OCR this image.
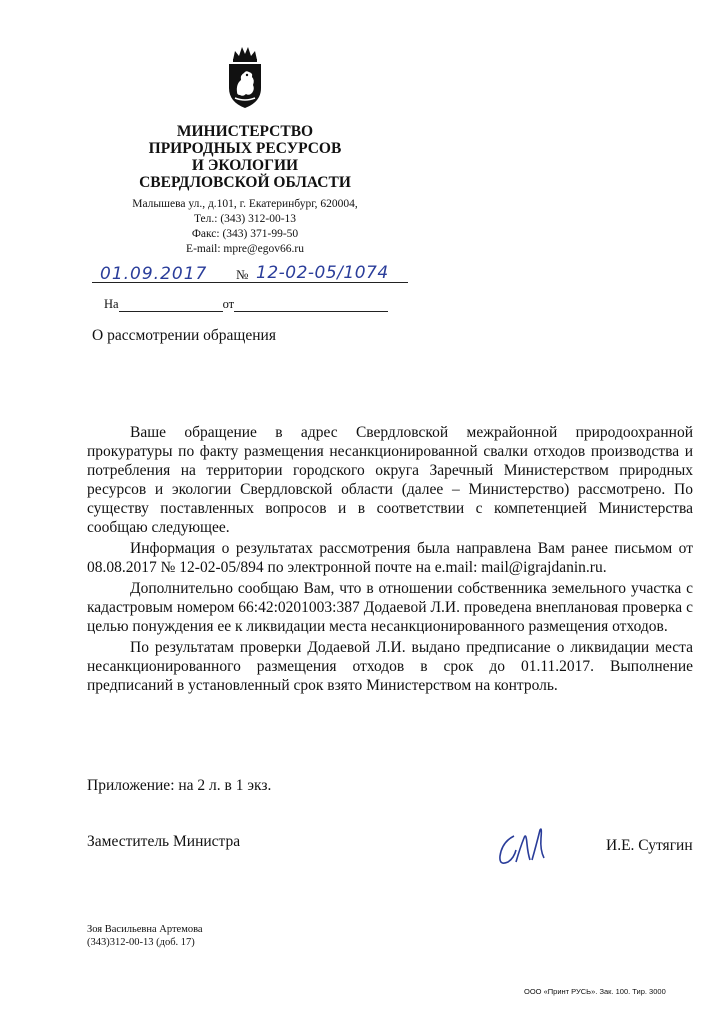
МИНИСТЕРСТВО
ПРИРОДНЫХ РЕСУРСОВ
И ЭКОЛОГИИ
СВЕРДЛОВСКОЙ ОБЛАСТИ
Малышева ул., д.101, г. Екатеринбург, 620004,
Тел.: (343) 312-00-13
Факс: (343) 371-99-50
E-mail: mpre@egov66.ru
01.09.2017 № 12-02-05/1074
На	от
О рассмотрении обращения

Ваше обращение в адрес Свердловской межрайонной природоохранной прокуратуры по факту размещения несанкционированной свалки отходов производства и потребления на территории городского округа Заречный Министерством природных ресурсов и экологии Свердловской области (далее – Министерство) рассмотрено. По существу поставленных вопросов и в соответствии с компетенцией Министерства сообщаю следующее.

Информация о результатах рассмотрения была направлена Вам ранее письмом от 08.08.2017 № 12-02-05/894 по электронной почте на e.mail: mail@igrajdanin.ru.

Дополнительно сообщаю Вам, что в отношении собственника земельного участка с кадастровым номером 66:42:0201003:387 Додаевой Л.И. проведена внеплановая проверка с целью понуждения ее к ликвидации места несанкционированного размещения отходов.

По результатам проверки Додаевой Л.И. выдано предписание о ликвидации места несанкционированного размещения отходов в срок до 01.11.2017. Выполнение предписаний в установленный срок взято Министерством на контроль.

Приложение: на 2 л. в 1 экз.
Заместитель Министра	И.Е. Сутягин
Зоя Васильевна Артемова
(343)312-00-13 (доб. 17)
ООО «Принт РУСЬ». Зак. 100. Тир. 3000
